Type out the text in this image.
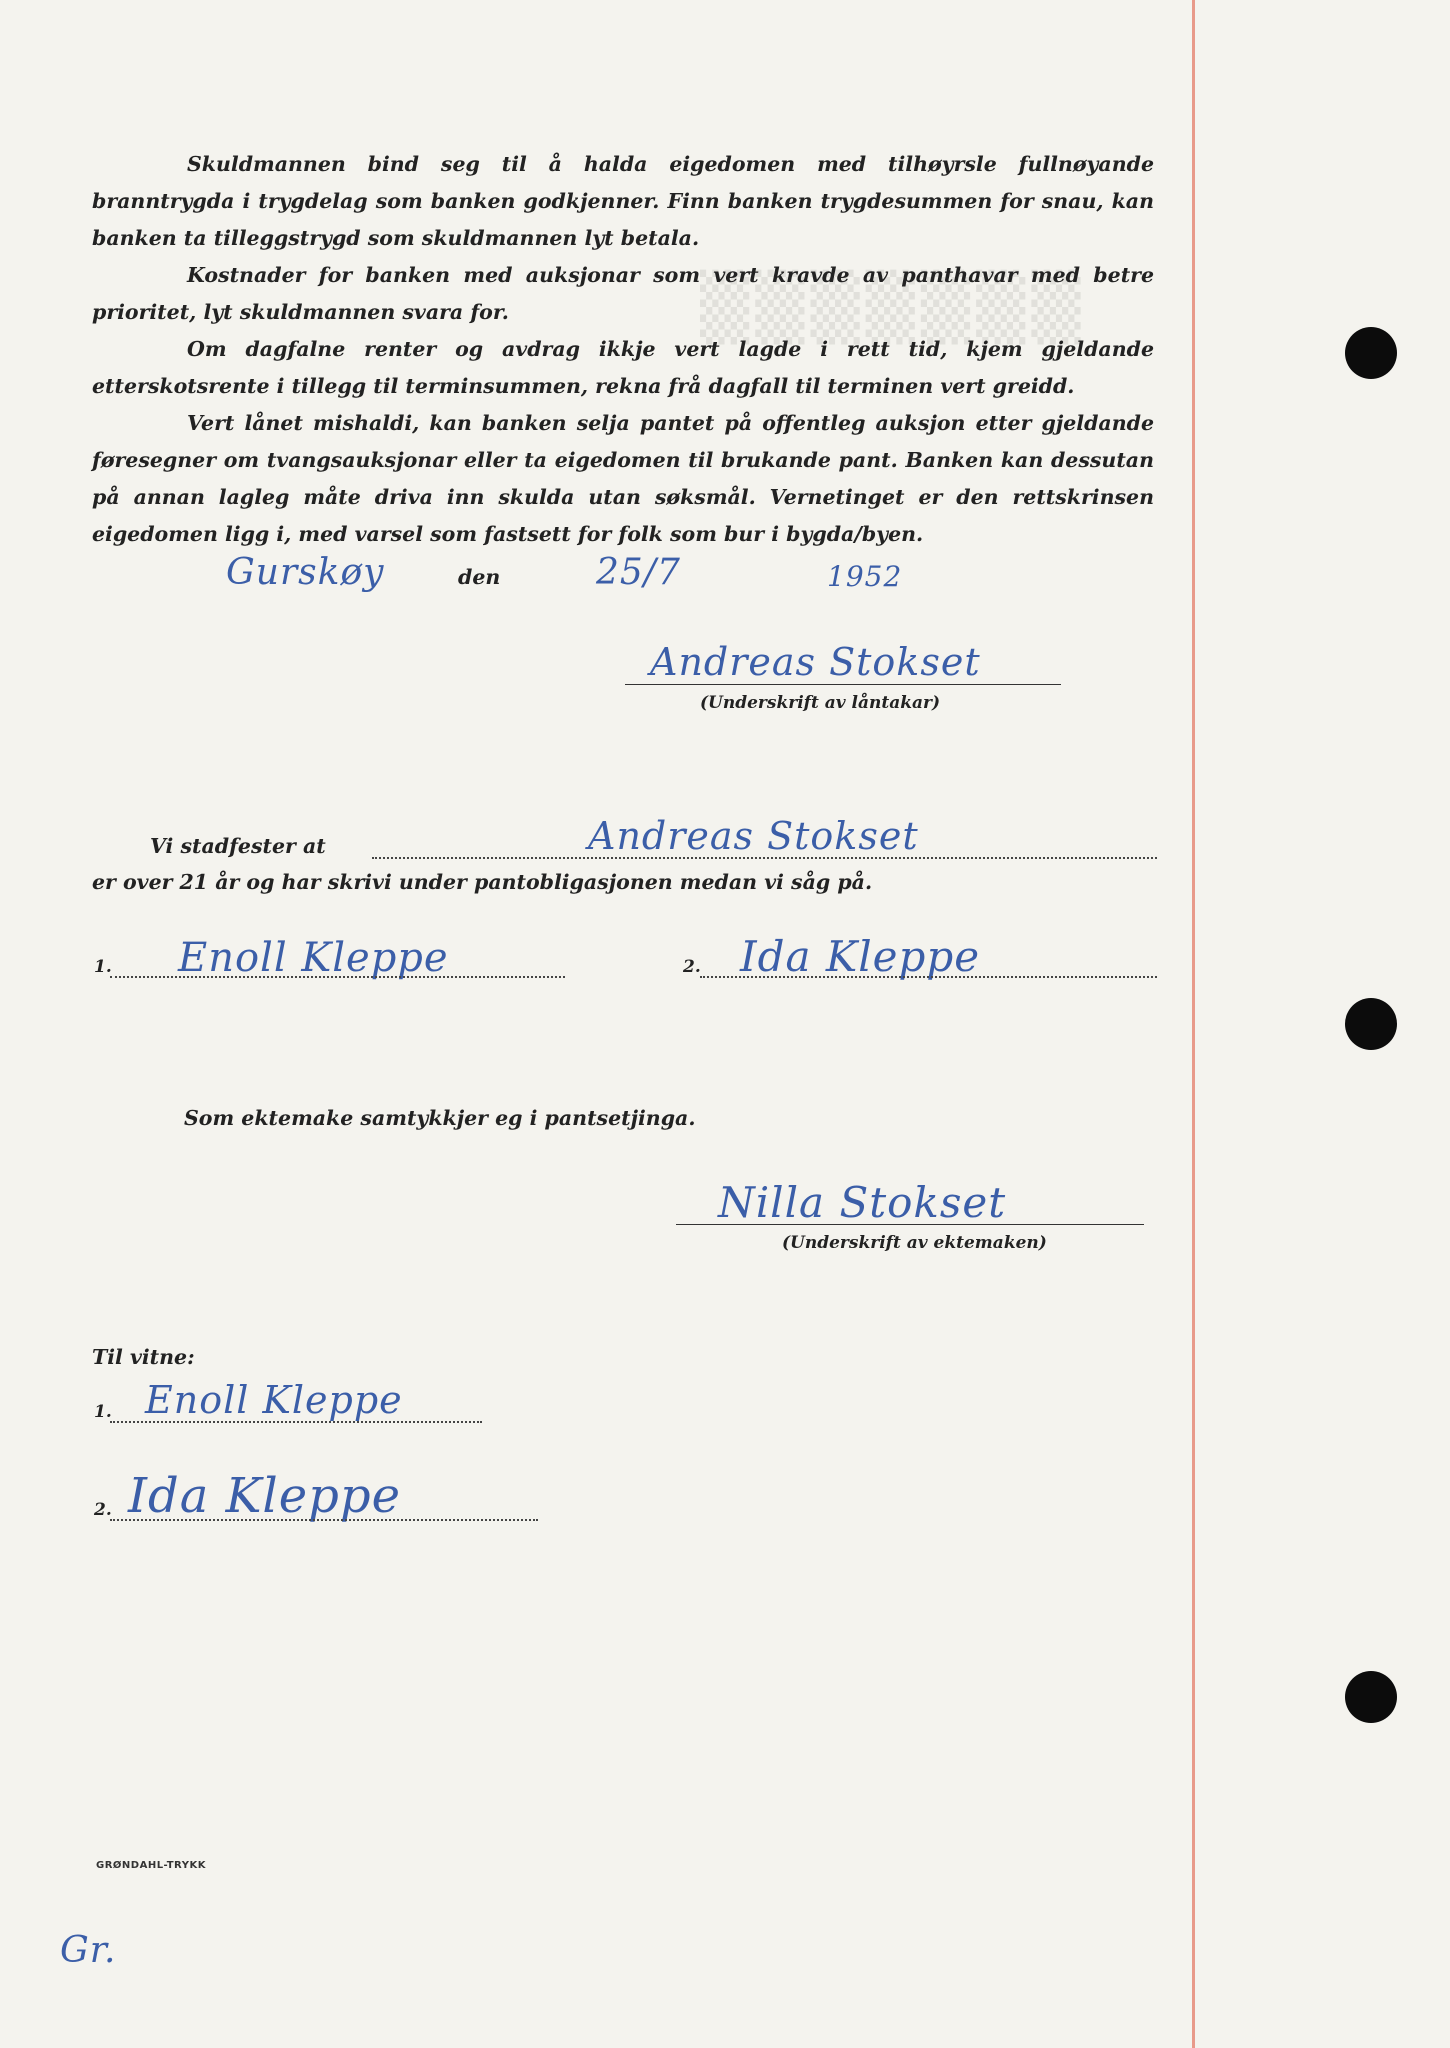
▒▒▒▒▒▒▒
Skuldmannen bind seg til å halda eigedomen med tilhøyrsle fullnøyande branntrygda i trygdelag som banken godkjenner. Finn banken trygdesummen for snau, kan banken ta tilleggstrygd som skuldmannen lyt betala.
Kostnader for banken med auksjonar som vert kravde av panthavar med betre prioritet, lyt skuldmannen svara for.
Om dagfalne renter og avdrag ikkje vert lagde i rett tid, kjem gjeldande etterskotsrente i tillegg til terminsummen, rekna frå dagfall til terminen vert greidd.
Vert lånet mishaldi, kan banken selja pantet på offentleg auksjon etter gjeldande føresegner om tvangsauksjonar eller ta eigedomen til brukande pant. Banken kan dessutan på annan lagleg måte driva inn skulda utan søksmål. Vernetinget er den rettskrinsen eigedomen ligg i, med varsel som fastsett for folk som bur i bygda/byen.
Gurskøy	den	25/7	1952
Andreas Stokset
(Underskrift av låntakar)
Vi stadfester at	Andreas Stokset
er over 21 år og har skrivi under pantobligasjonen medan vi såg på.
1. Enoll Kleppe	2. Ida Kleppe
Som ektemake samtykkjer eg i pantsetjinga.
Nilla Stokset
(Underskrift av ektemaken)
Til vitne:
1. Enoll Kleppe
2. Ida Kleppe
GRØNDAHL-TRYKK
Gr.
